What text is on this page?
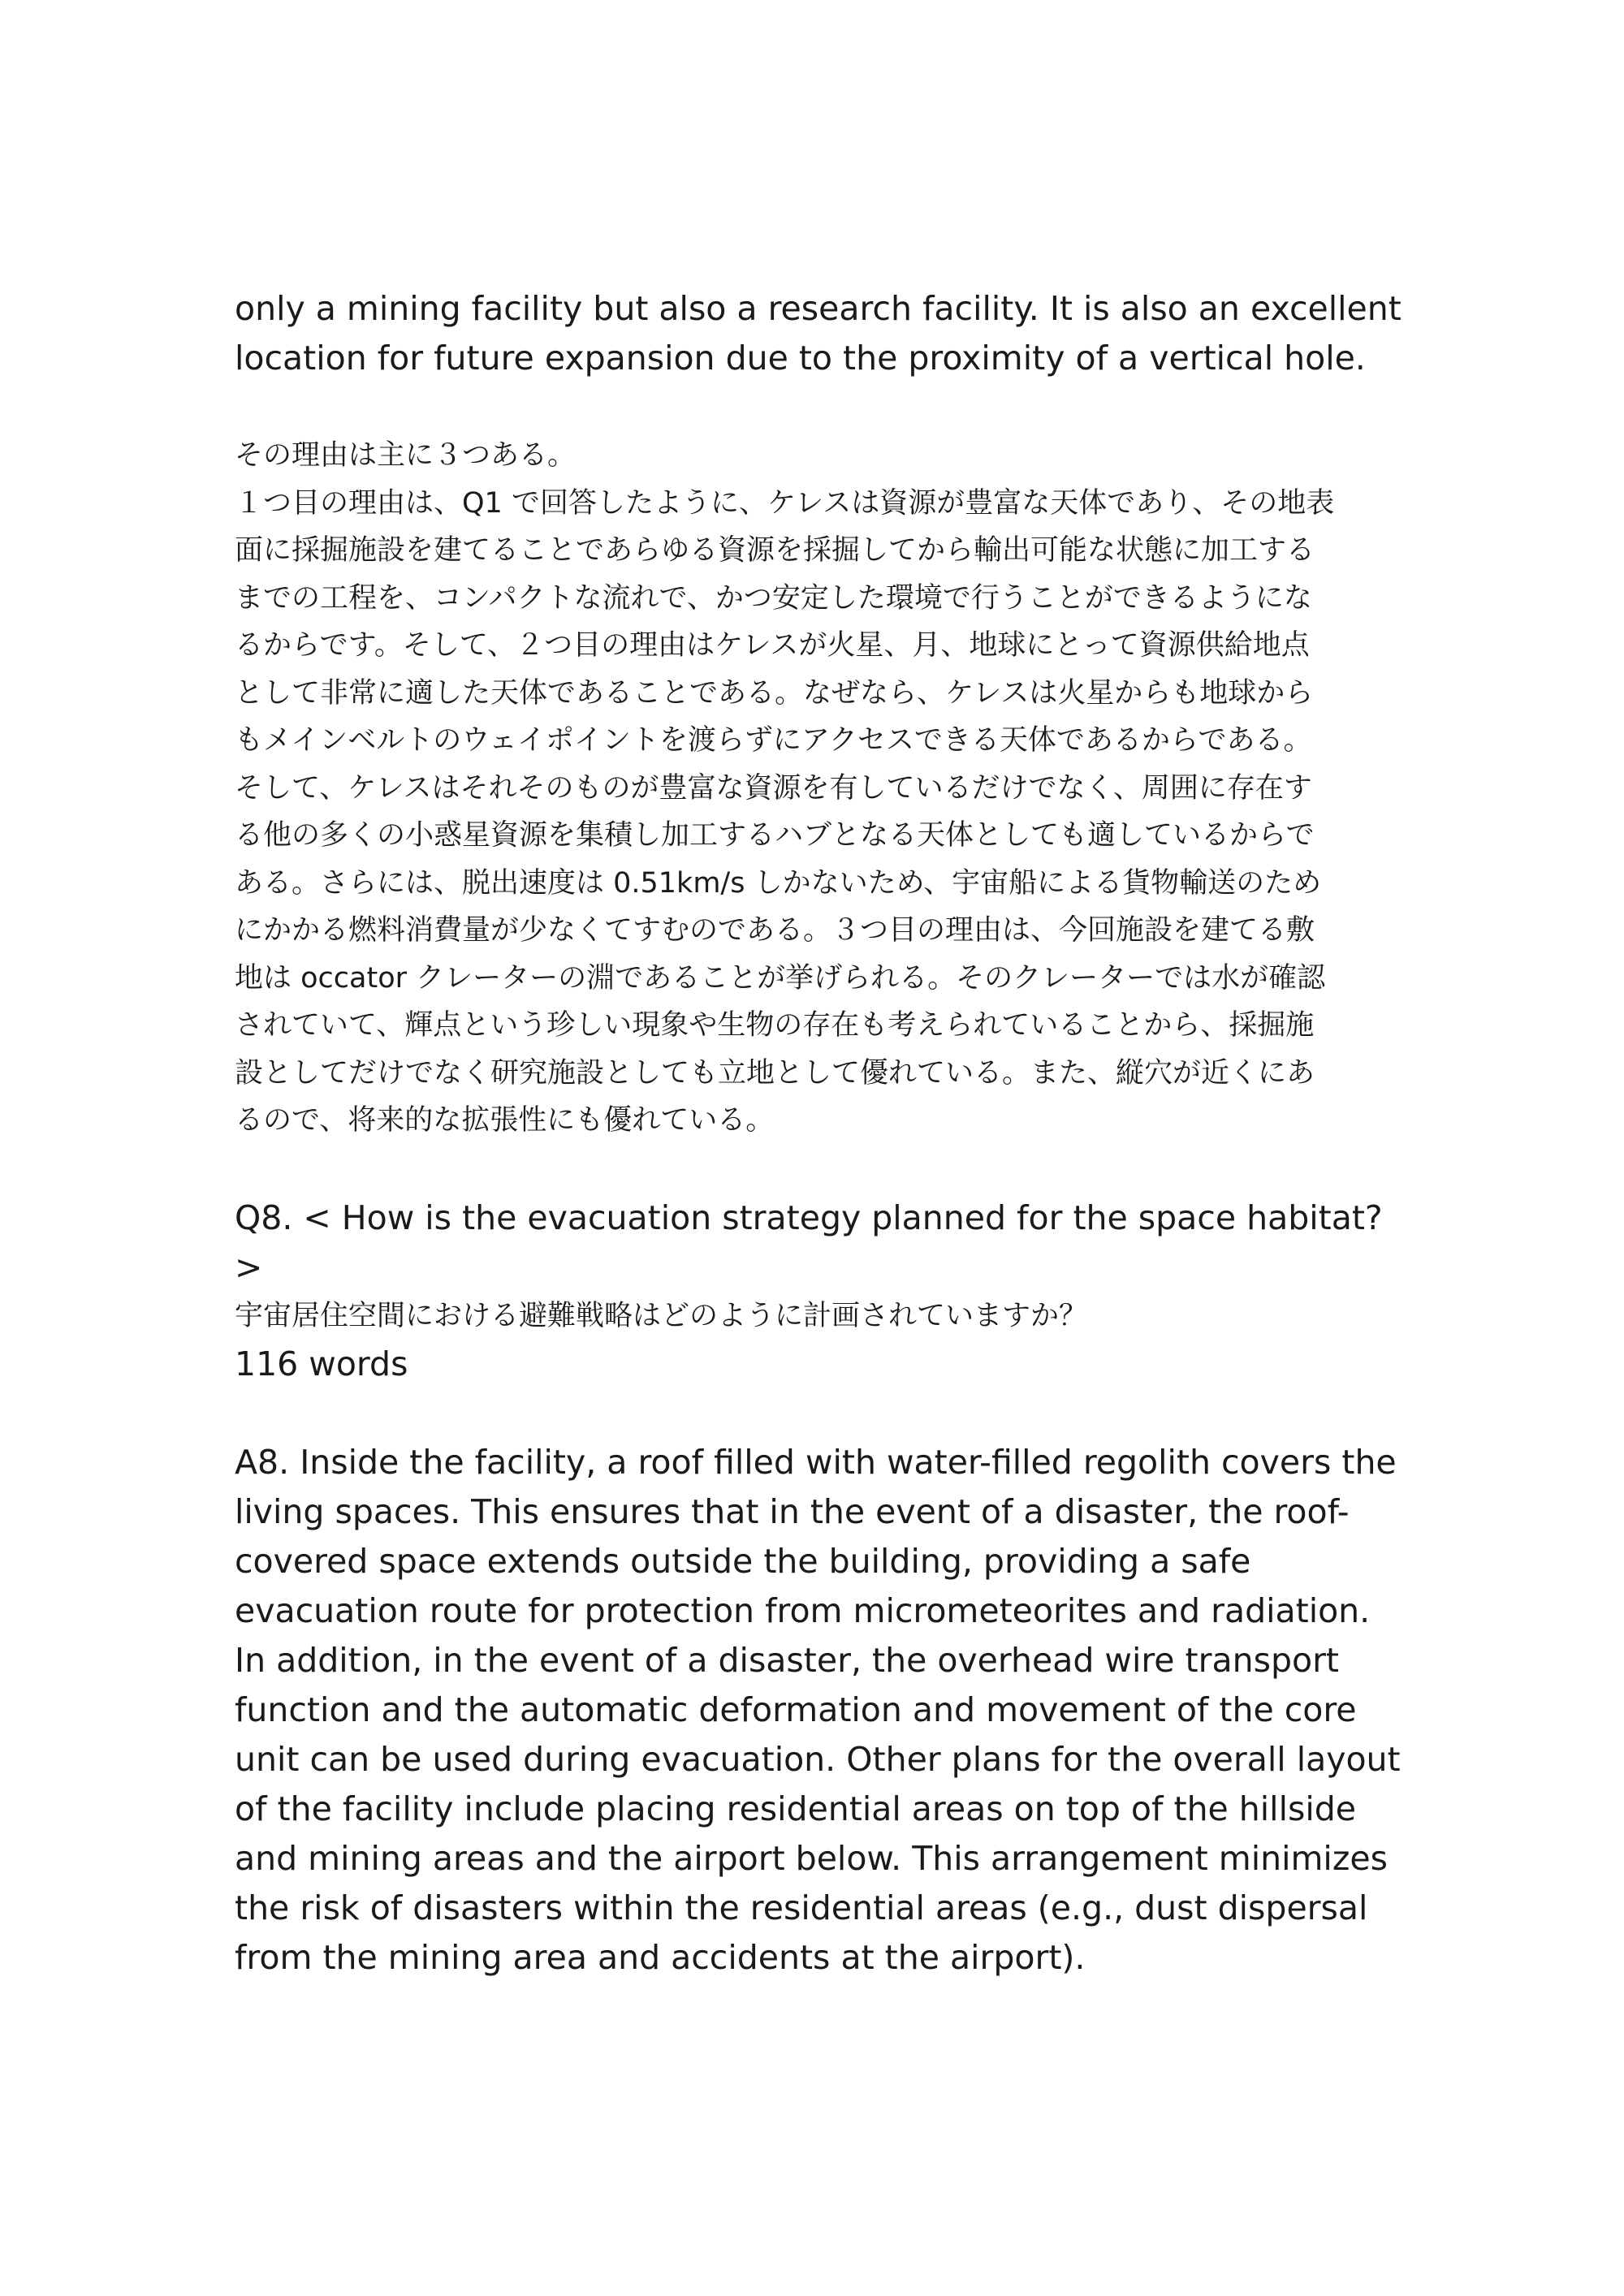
only a mining facility but also a research facility. It is also an excellent
location for future expansion due to the proximity of a vertical hole.

その理由は主に３つある。

１つ目の理由は、Q1 で回答したように、ケレスは資源が豊富な天体であり、その地表
面に採掘施設を建てることであらゆる資源を採掘してから輸出可能な状態に加工する
までの工程を、コンパクトな流れで、かつ安定した環境で行うことができるようにな
るからです。そして、２つ目の理由はケレスが火星、月、地球にとって資源供給地点
として非常に適した天体であることである。なぜなら、ケレスは火星からも地球から
もメインベルトのウェイポイントを渡らずにアクセスできる天体であるからである。
そして、ケレスはそれそのものが豊富な資源を有しているだけでなく、周囲に存在す
る他の多くの小惑星資源を集積し加工するハブとなる天体としても適しているからで
ある。さらには、脱出速度は 0.51km/s しかないため、宇宙船による貨物輸送のため
にかかる燃料消費量が少なくてすむのである。３つ目の理由は、今回施設を建てる敷
地は occator クレーターの淵であることが挙げられる。そのクレーターでは水が確認
されていて、輝点という珍しい現象や生物の存在も考えられていることから、採掘施
設としてだけでなく研究施設としても立地として優れている。また、縦穴が近くにあ
るので、将来的な拡張性にも優れている。

Q8. < How is the evacuation strategy planned for the space habitat?
>

宇宙居住空間における避難戦略はどのように計画されていますか？

116 words

A8. Inside the facility, a roof filled with water-filled regolith covers the
living spaces. This ensures that in the event of a disaster, the roof-
covered space extends outside the building, providing a safe
evacuation route for protection from micrometeorites and radiation.
In addition, in the event of a disaster, the overhead wire transport
function and the automatic deformation and movement of the core
unit can be used during evacuation. Other plans for the overall layout
of the facility include placing residential areas on top of the hillside
and mining areas and the airport below. This arrangement minimizes
the risk of disasters within the residential areas (e.g., dust dispersal
from the mining area and accidents at the airport).
